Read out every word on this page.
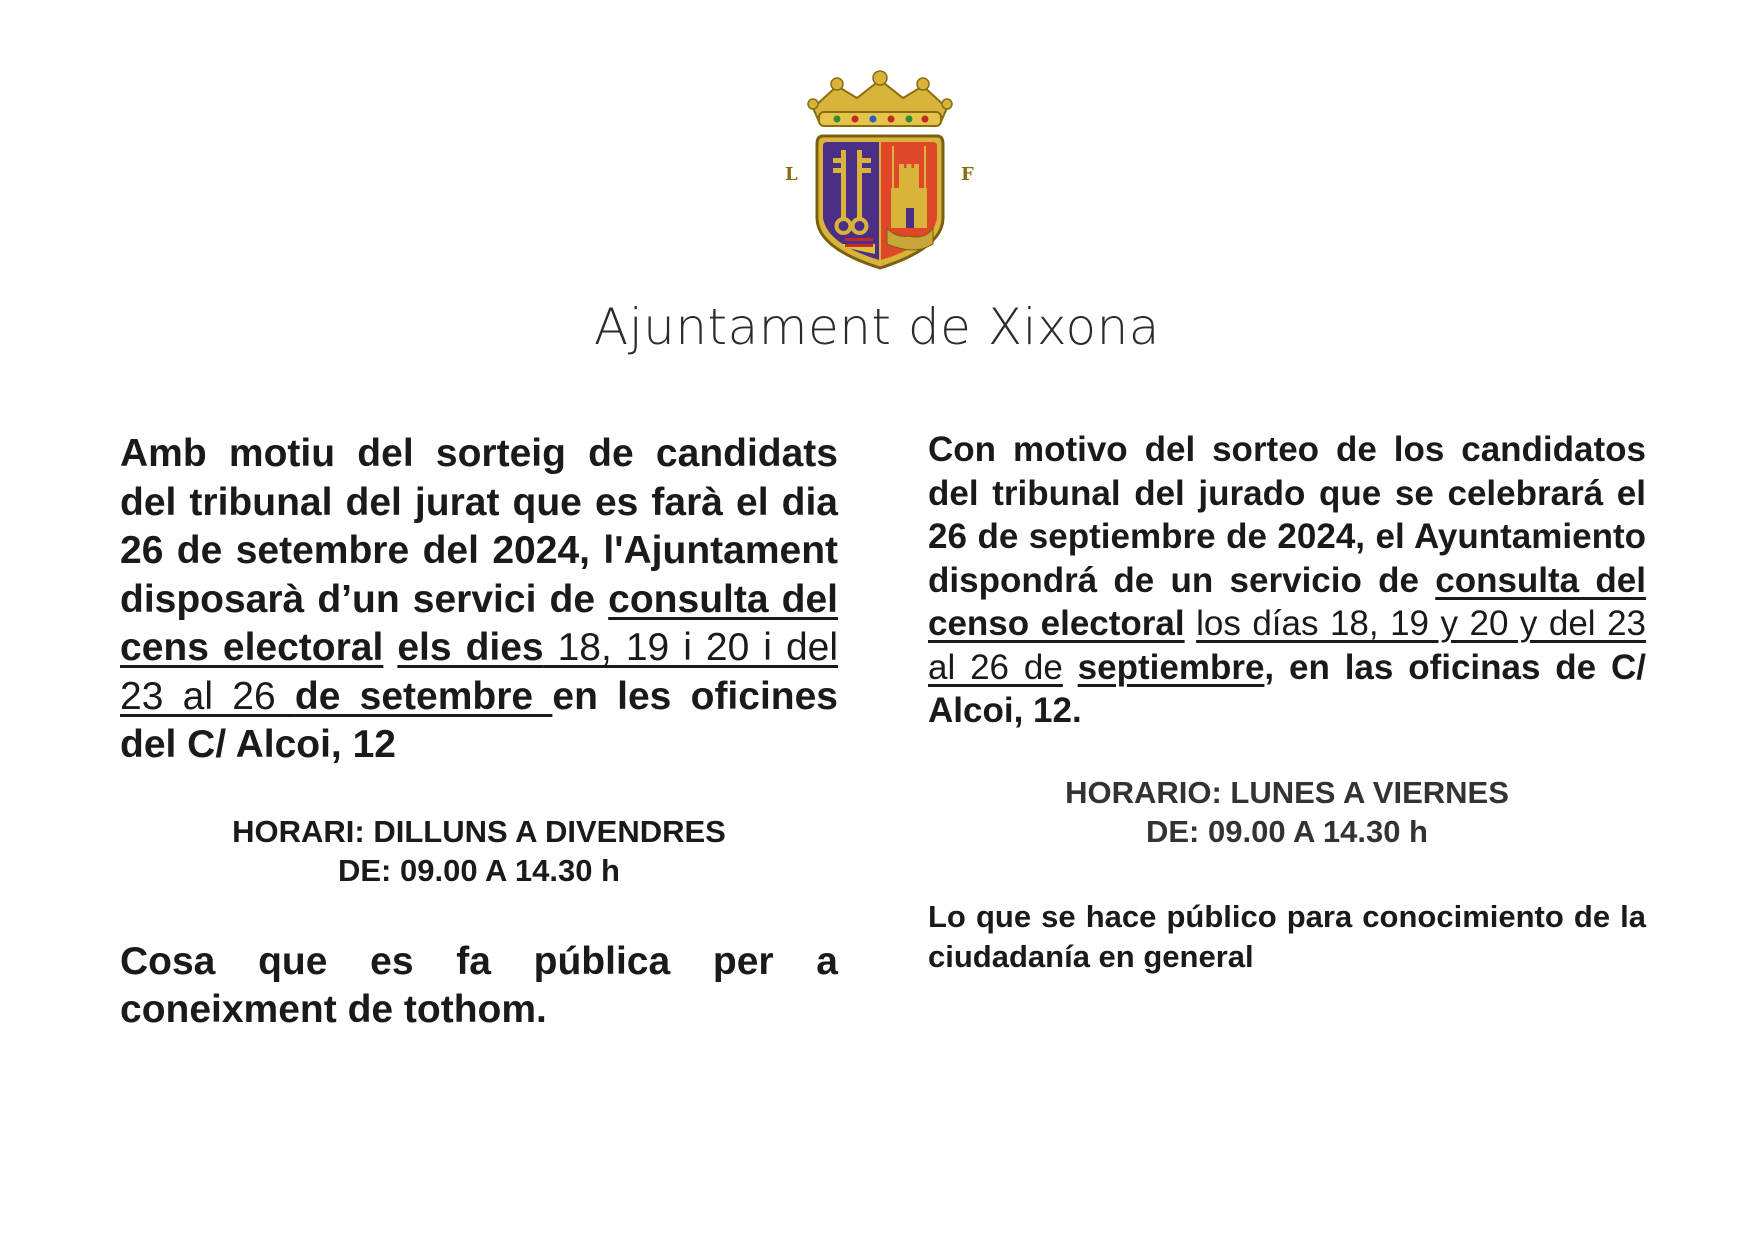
L	F
Ajuntament de Xixona

Amb motiu del sorteig de candidats del tribunal del jurat que es farà el dia 26 de setembre del 2024, l'Ajuntament disposarà d’un servici de consulta del cens electoral els dies 18, 19 i 20 i del 23 al 26 de setembre en les oficines del C/ Alcoi, 12

HORARI: DILLUNS A DIVENDRES
DE: 09.00 A 14.30 h

Cosa que es fa pública per a coneixment de tothom.

Con motivo del sorteo de los candidatos del tribunal del jurado que se celebrará el 26 de septiembre de 2024, el Ayuntamiento dispondrá de un servicio de consulta del censo electoral los días 18, 19 y 20 y del 23 al 26 de septiembre, en las oficinas de C/ Alcoi, 12.

HORARIO: LUNES A VIERNES
DE: 09.00 A 14.30 h

Lo que se hace público para conocimiento de la ciudadanía en general
